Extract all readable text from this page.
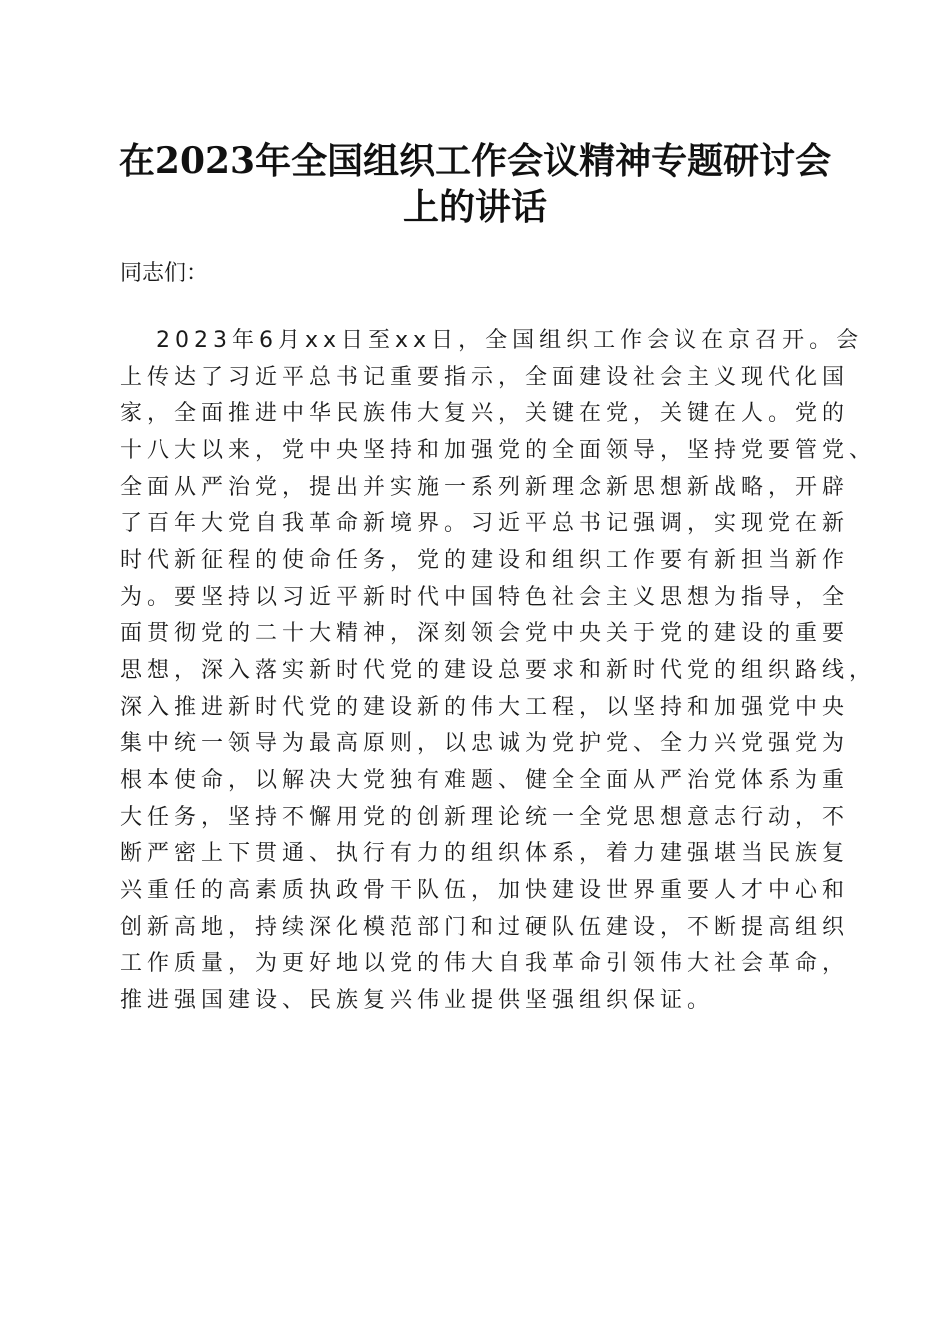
在2023年全国组织工作会议精神专题研讨会
上的讲话
同志们：
2023年6月xx日至xx日，全国组织工作会议在京召开。会
上传达了习近平总书记重要指示，全面建设社会主义现代化国
家，全面推进中华民族伟大复兴，关键在党，关键在人。党的
十八大以来，党中央坚持和加强党的全面领导，坚持党要管党、
全面从严治党，提出并实施一系列新理念新思想新战略，开辟
了百年大党自我革命新境界。习近平总书记强调，实现党在新
时代新征程的使命任务，党的建设和组织工作要有新担当新作
为。要坚持以习近平新时代中国特色社会主义思想为指导，全
面贯彻党的二十大精神，深刻领会党中央关于党的建设的重要
思想，深入落实新时代党的建设总要求和新时代党的组织路线，
深入推进新时代党的建设新的伟大工程，以坚持和加强党中央
集中统一领导为最高原则，以忠诚为党护党、全力兴党强党为
根本使命，以解决大党独有难题、健全全面从严治党体系为重
大任务，坚持不懈用党的创新理论统一全党思想意志行动，不
断严密上下贯通、执行有力的组织体系，着力建强堪当民族复
兴重任的高素质执政骨干队伍，加快建设世界重要人才中心和
创新高地，持续深化模范部门和过硬队伍建设，不断提高组织
工作质量，为更好地以党的伟大自我革命引领伟大社会革命，
推进强国建设、民族复兴伟业提供坚强组织保证。
